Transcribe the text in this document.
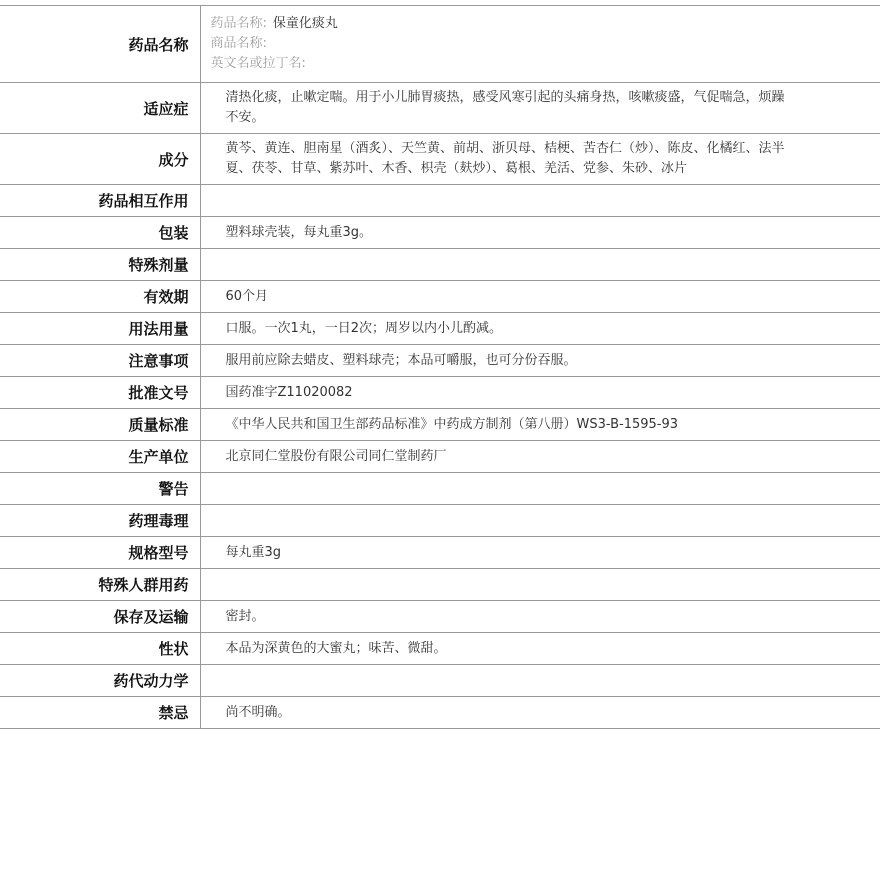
药品名称	药品名称: 保童化痰丸
商品名称:
英文名或拉丁名:

适应症	清热化痰，止嗽定喘。用于小儿肺胃痰热，感受风寒引起的头痛身热，咳嗽痰盛，气促喘急，烦躁不安。
成分	黄芩、黄连、胆南星（酒炙）、天竺黄、前胡、浙贝母、桔梗、苦杏仁（炒）、陈皮、化橘红、法半夏、茯苓、甘草、紫苏叶、木香、枳壳（麸炒）、葛根、羌活、党参、朱砂、冰片
药品相互作用	
包装	塑料球壳装，每丸重3g。
特殊剂量	
有效期	60个月
用法用量	口服。一次1丸，一日2次；周岁以内小儿酌减。
注意事项	服用前应除去蜡皮、塑料球壳；本品可嚼服，也可分份吞服。
批准文号	国药准字Z11020082
质量标准	《中华人民共和国卫生部药品标准》中药成方制剂（第八册）WS3-B-1595-93
生产单位	北京同仁堂股份有限公司同仁堂制药厂
警告	
药理毒理	
规格型号	每丸重3g
特殊人群用药	
保存及运输	密封。
性状	本品为深黄色的大蜜丸；味苦、微甜。
药代动力学	
禁忌	尚不明确。
